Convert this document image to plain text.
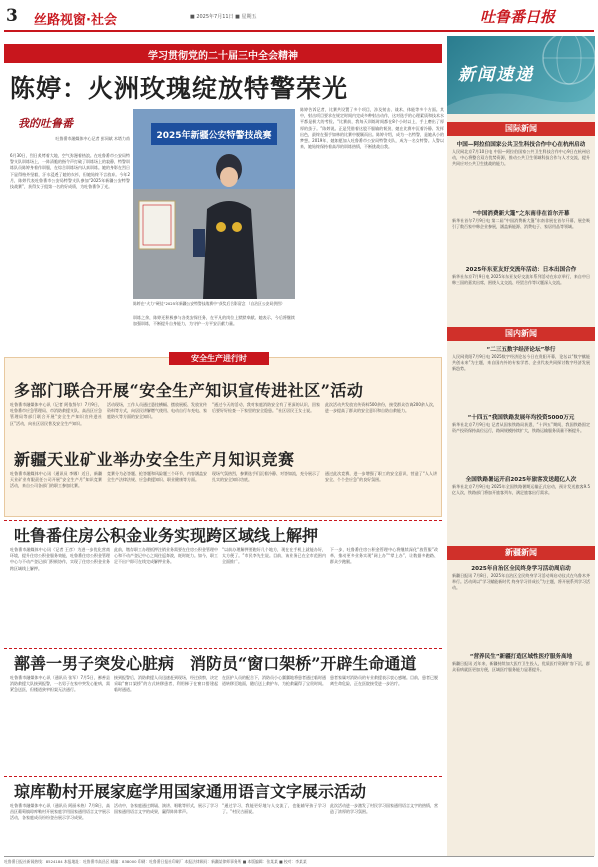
3 丝路视窗·社会	■ 2025年7月11日 ■ 星期五	吐鲁番日报
学习贯彻党的二十届三中全会精神
陈婷：火洲玫瑰绽放特警荣光
我的吐鲁番
吐鲁番市融媒体中心记者 彭同斌 木塔力甫	2025年新疆公安特警技战赛
陈婷在“火力”硬仗“2025年新疆公安特警技战赛中”获奖后合影留念 （自治区公安局供图）
6月30日，烈日炙烤着大地，空气弥漫着热浪。在吐鲁番市公安局特警支队训练场上，一阵清脆的指令声打破了训练场上的寂静，特警训练队员陈婷身着作训服，在综合训练场内认真训练。她的身影在烈日下显得格外坚毅，汗水浸透了她的衣衫，但她始终不言放弃。今年2月，陈婷代表吐鲁番市公安局特警支队参加“2025年新疆公安特警技战赛”，获得女子组第一名的好成绩，为吐鲁番争了光。
陈婷告诉记者，比赛共设置了多个项目，涉及射击、战术、体能等多个方面。其中，射击项目要求在规定时间内完成多种射击动作，这对选手的心理素质和技术水平都是极大的考验。“比赛前，我每天训练时间都在8个小时以上，手上磨出了厚厚的茧子。”陈婷说。正是凭借着这股不服输的韧劲，她在比赛中沉着冷静、发挥出色，最终在强手如林的比赛中脱颖而出。陈婷介绍，成为一名特警，是她从小的梦想。2019年，她如愿加入吐鲁番市公安局特警支队，成为一名女特警。入警以来，她始终保持着高昂的训练热情，不断挑战自我。
训练之余，陈婷还积极参与各类安保任务，在平凡的岗位上默默奉献。她表示，今后将继续加强训练，不断提升自身能力，为守护一方平安贡献力量。
安全生产进行时
多部门联合开展“安全生产知识宣传进社区”活动
吐鲁番市融媒体中心讯（记者 阿依努尔）7月9日，吐鲁番市应急管理局、市消防救援支队、高昌区应急管理局等部门联合开展“安全生产知识宣传进社区”活动，向社区居民普及安全生产知识。
活动现场，工作人员通过悬挂横幅、摆放展板、发放宣传资料等方式，向居民讲解燃气使用、电动自行车充电、家庭防火等方面的安全知识。
“通过今天的活动，我对家庭消防安全有了更深的认识，回家后要好好检查一下家里的安全隐患。”社区居民王女士说。
此次活动共发放宣传资料500余份，接受群众咨询200余人次，进一步提高了群众的安全意识和自防自救能力。
新疆天业矿业举办安全生产月知识竞赛
吐鲁番市融媒体中心讯（通讯员 李娜）近日，新疆天业矿业有限责任公司开展“安全生产月”知识竞赛活动，来自公司各部门的职工参加比赛。
竞赛分为必答题、抢答题和风险题三个环节，内容涵盖安全生产法律法规、应急救援知识、职业健康等方面。
现场气氛热烈，参赛选手们沉着冷静、对答如流，充分展示了扎实的安全知识功底。
通过此次竞赛，进一步增强了职工的安全意识，营造了“人人讲安全、个个会应急”的良好氛围。
吐鲁番住房公积金业务实现跨区域线上解押
吐鲁番市融媒体中心讯（记者 王彦）为进一步优化营商环境，提升住房公积金服务效能，吐鲁番住房公积金管理中心与不动产登记部门积极协作，实现了住房公积金业务跨区域线上解押。
此前，缴存职工办理抵押注销业务需要在住房公积金管理中心和不动产登记中心之间往返奔波，耗时耗力。如今，职工足不出户即可在线完成解押业务。
“以前办理解押要跑好几个地方，现在在手机上就能办好，太方便了。”市民李先生说。目前，该业务已在全市范围内全面推广。
下一步，吐鲁番住房公积金管理中心将继续深化“放管服”改革，推动更多业务实现“网上办”“掌上办”，让数据多跑路、群众少跑腿。
鄯善一男子突发心脏病　消防员“窗口架桥”开辟生命通道
吐鲁番市融媒体中心讯（通讯员 张军）7月5日，鄯善县消防救援大队接到报警，一名男子在家中突发心脏病，需紧急送医，但楼道狭窄担架无法通行。
接到报警后，消防救援人员迅速赶到现场，经过侦察，决定采取“窗口架桥”的方式转移患者，利用梯子在窗口搭建起临时通道。
在医护人员的配合下，消防员小心翼翼地将患者通过临时通道转移至地面，随后送上救护车，为抢救赢得了宝贵时间。
患者家属对消防员的专业救援表示衷心感谢。目前，患者已脱离生命危险，正在医院接受进一步治疗。
琼库勒村开展家庭学用国家通用语言文字展示活动
吐鲁番市融媒体中心讯（通讯员 阿丽米热）7月8日，高昌区葡萄镇琼库勒村开展家庭学用国家通用语言文字展示活动，各家庭成员纷纷登台展示学习成果。
活动中，各家庭通过朗诵、演讲、唱歌等形式，展示了学习国家通用语言文字的成果，赢得阵阵掌声。
“通过学习，我能更好地与人交流了，也能辅导孩子学习了。”村民古丽说。
此次活动进一步激发了村民学习国家通用语言文字的热情，营造了浓厚的学习氛围。
新闻速递
国际新闻
中国—阿拉伯国家公共卫生科技合作中心在杭州启动
人民网北京7月10日电 中国—阿拉伯国家公共卫生科技合作中心9日在杭州启动，中心将整合双方优势资源，推动公共卫生领域科技合作与人才交流，提升共同应对公共卫生挑战的能力。
“中国消费新大篷”之东南非在首尔开幕
新华社首尔7月9日电 第二届“中国消费新大篷”东南非展在首尔开幕，展会吸引了数百家中韩企业参展，涵盖新能源、消费电子、家居用品等领域。
2025年东亚友好交流年活动：日本出国合作
新华社东京7月9日电 2025年东亚友好交流年系列活动在东京举行，来自中日韩三国的嘉宾出席，围绕人文交流、经贸合作等议题深入交流。
国内新闻
“二三五数字经济论坛”举行
人民网贵阳7月9日电 2025数字经济论坛今日在贵阳开幕，论坛以“数字赋能 共创未来”为主题，来自国内外的专家学者、企业代表共同探讨数字经济发展新趋势。
“十四五”我国铁路发展年均投资5000万元
新华社北京7月9日电 记者从国家铁路局获悉，“十四五”期间，我国铁路固定资产投资保持高位运行，路网规模持续扩大，铁路运输服务质量不断提升。
全国铁路暑运开启2025年旅客发送超亿人次
新华社北京7月9日电 2025年全国铁路暑期运输正式启动，预计发送旅客9.5亿人次，铁路部门将加开旅客列车，满足旅客出行需求。
新疆新闻
2025年自治区全民终身学习活动周启动
新疆日报讯 7月8日，2025年自治区全民终身学习活动周启动仪式在乌鲁木齐举行。活动周以“学习赋能新时代 终身学习伴成长”为主题，将开展系列学习活动。
“营养民生”新疆打造区域性医疗服务高地
新疆日报讯 近年来，新疆持续加大医疗卫生投入，优质医疗资源扩容下沉，群众看病就医更加方便，区域医疗服务能力显著提升。
吐鲁番日报社新闻热线：8524184 本报地址：吐鲁番市高昌区 邮编：838000 印刷：吐鲁番日报社印刷厂 本报法律顾问：新疆某律师事务所 ■ 本版编辑：张某某 ■ 校对：李某某
